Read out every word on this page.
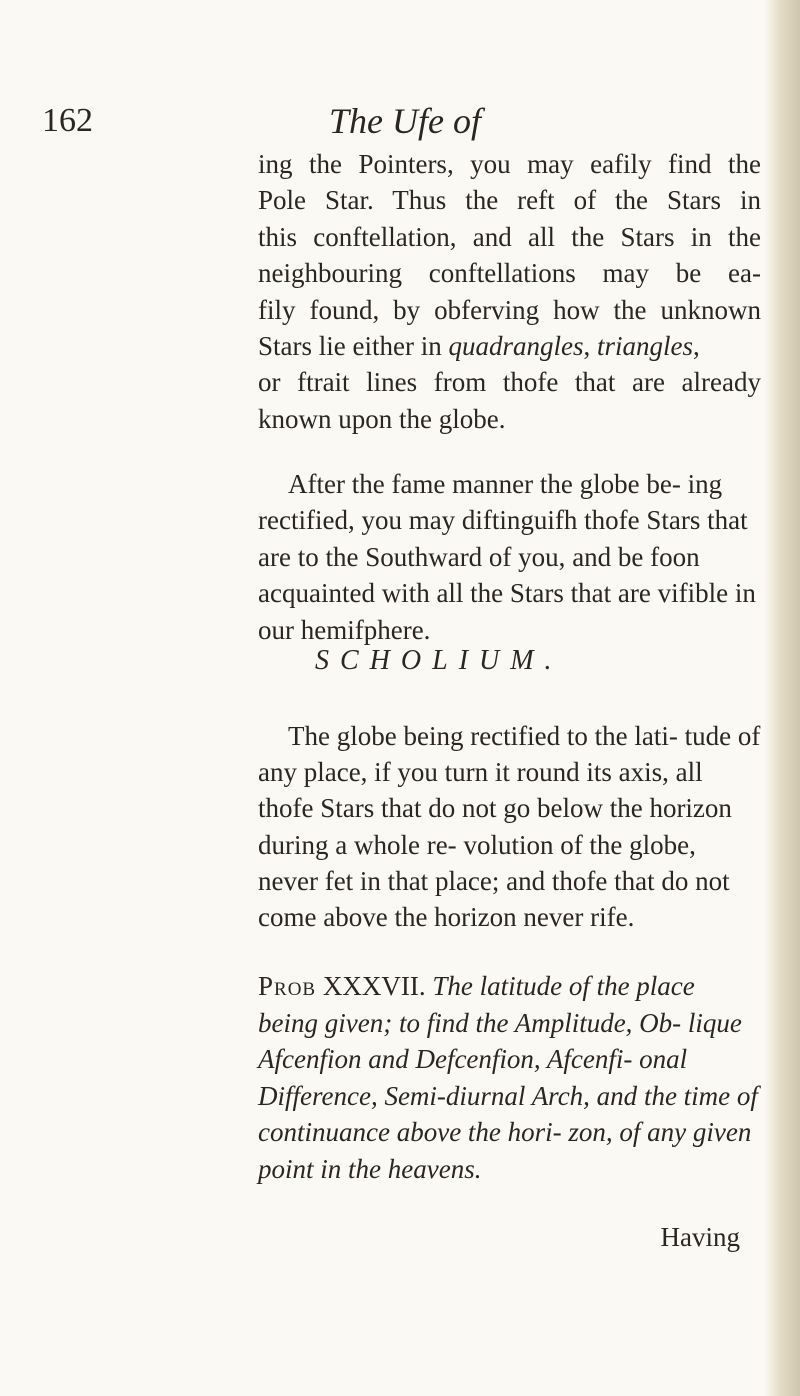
162	The Ufe of
ing the Pointers, you may eafily find the
Pole Star. Thus the reft of the Stars in
this conftellation, and all the Stars in the
neighbouring conftellations may be ea-
fily found, by obferving how the unknown
Stars lie either in quadrangles, triangles,
or ftrait lines from thofe that are already
known upon the globe.
After the fame manner the globe be- ing rectified, you may diftinguifh thofe Stars that are to the Southward of you, and be foon acquainted with all the Stars that are vifible in our hemifphere.
SCHOLIUM.
The globe being rectified to the lati- tude of any place, if you turn it round its axis, all thofe Stars that do not go below the horizon during a whole re- volution of the globe, never fet in that place; and thofe that do not come above the horizon never rife.
Prob XXXVII. The latitude of the place being given; to find the Amplitude, Ob- lique Afcenfion and Defcenfion, Afcenfi- onal Difference, Semi-diurnal Arch, and the time of continuance above the hori- zon, of any given point in the heavens.
Having
